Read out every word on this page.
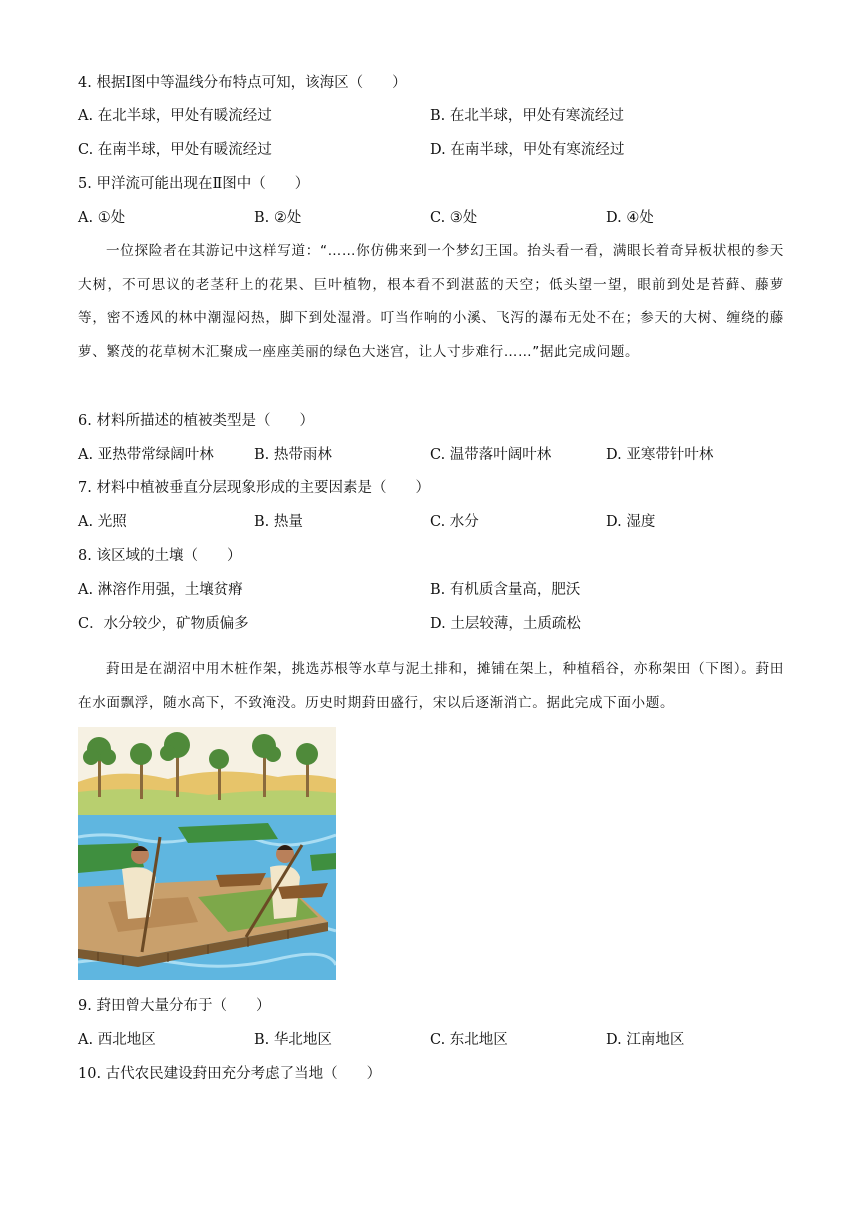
4. 根据Ⅰ图中等温线分布特点可知，该海区（　　）
A. 在北半球，甲处有暖流经过	B. 在北半球，甲处有寒流经过
C. 在南半球，甲处有暖流经过	D. 在南半球，甲处有寒流经过
5. 甲洋流可能出现在Ⅱ图中（　　）
A. ①处	B. ②处	C. ③处	D. ④处
一位探险者在其游记中这样写道：“……你仿佛来到一个梦幻王国。抬头看一看，满眼长着奇异板状根的参天大树，不可思议的老茎秆上的花果、巨叶植物，根本看不到湛蓝的天空；低头望一望，眼前到处是苔藓、藤萝等，密不透风的林中潮湿闷热，脚下到处湿滑。叮当作响的小溪、飞泻的瀑布无处不在；参天的大树、缠绕的藤萝、繁茂的花草树木汇聚成一座座美丽的绿色大迷宫，让人寸步难行……”据此完成问题。
6. 材料所描述的植被类型是（　　）
A. 亚热带常绿阔叶林	B. 热带雨林	C. 温带落叶阔叶林	D. 亚寒带针叶林
7. 材料中植被垂直分层现象形成的主要因素是（　　）
A. 光照	B. 热量	C. 水分	D. 湿度
8. 该区域的土壤（　　）
A. 淋溶作用强，土壤贫瘠	B. 有机质含量高，肥沃
C．水分较少，矿物质偏多	D. 土层较薄，土质疏松
葑田是在湖沼中用木桩作架，挑选苏根等水草与泥土排和，摊铺在架上，种植稻谷，亦称架田（下图）。葑田在水面飘浮，随水高下，不致淹没。历史时期葑田盛行，宋以后逐渐消亡。据此完成下面小题。
9. 葑田曾大量分布于（　　）
A. 西北地区	B. 华北地区	C. 东北地区	D. 江南地区
10. 古代农民建设葑田充分考虑了当地（　　）
